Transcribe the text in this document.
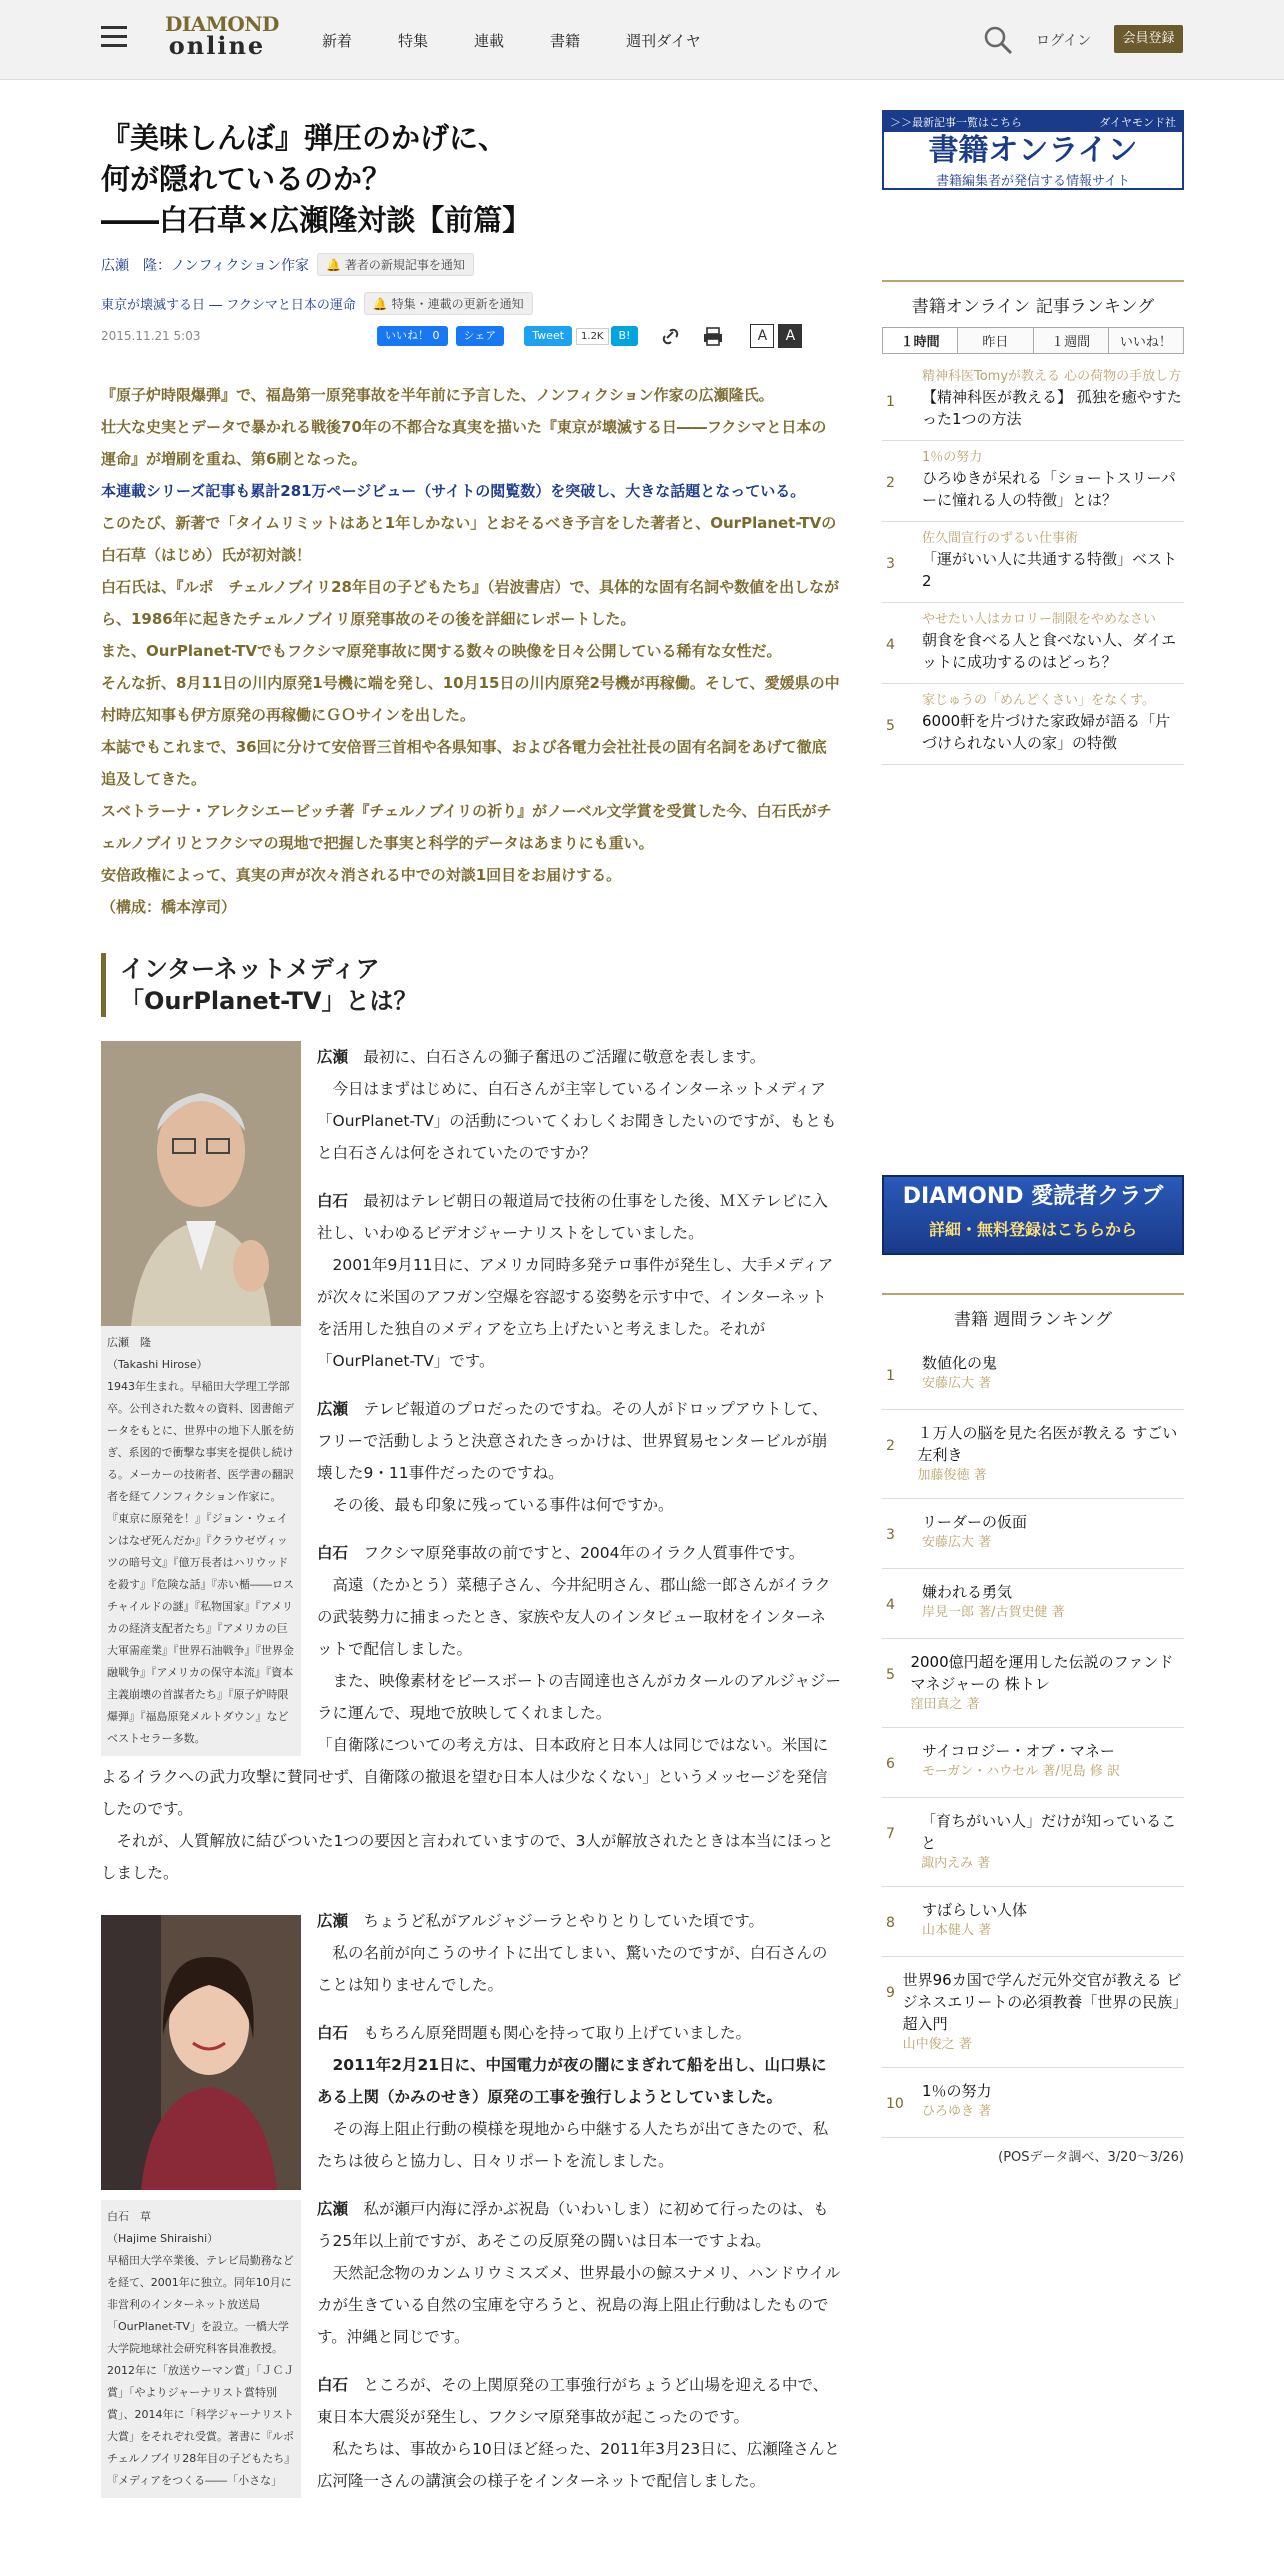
DIAMOND
online	新着	特集	連載	書籍	週刊ダイヤ	ログイン	会員登録
『美味しんぼ』弾圧のかげに、
何が隠れているのか？
――白石草×広瀬隆対談【前篇】
広瀬　隆：ノンフィクション作家	🔔 著者の新規記事を通知
東京が壊滅する日 ― フクシマと日本の運命	🔔 特集・連載の更新を通知
2015.11.21 5:03	いいね！ 0	シェア	Tweet	1.2K	B!	A	A

『原子炉時限爆弾』で、福島第一原発事故を半年前に予言した、ノンフィクション作家の広瀬隆氏。

壮大な史実とデータで暴かれる戦後70年の不都合な真実を描いた『東京が壊滅する日――フクシマと日本の運命』が増刷を重ね、第6刷となった。

本連載シリーズ記事も累計281万ページビュー（サイトの閲覧数）を突破し、大きな話題となっている。

このたび、新著で「タイムリミットはあと1年しかない」とおそるべき予言をした著者と、OurPlanet-TVの白石草（はじめ）氏が初対談！

白石氏は、『ルポ　チェルノブイリ28年目の子どもたち』（岩波書店）で、具体的な固有名詞や数値を出しながら、1986年に起きたチェルノブイリ原発事故のその後を詳細にレポートした。

また、OurPlanet-TVでもフクシマ原発事故に関する数々の映像を日々公開している稀有な女性だ。

そんな折、8月11日の川内原発1号機に端を発し、10月15日の川内原発2号機が再稼働。そして、愛媛県の中村時広知事も伊方原発の再稼働にＧＯサインを出した。

本誌でもこれまで、36回に分けて安倍晋三首相や各県知事、および各電力会社社長の固有名詞をあげて徹底追及してきた。

スベトラーナ・アレクシエービッチ著『チェルノブイリの祈り』がノーベル文学賞を受賞した今、白石氏がチェルノブイリとフクシマの現地で把握した事実と科学的データはあまりにも重い。

安倍政権によって、真実の声が次々消される中での対談1回目をお届けする。

（構成：橋本淳司）

インターネットメディア
「OurPlanet-TV」とは？
広瀬　隆
（Takashi Hirose）
1943年生まれ。早稲田大学理工学部卒。公刊された数々の資料、図書館データをもとに、世界中の地下人脈を紡ぎ、系図的で衝撃な事実を提供し続ける。メーカーの技術者、医学書の翻訳者を経てノンフィクション作家に。『東京に原発を！』『ジョン・ウェインはなぜ死んだか』『クラウゼヴィッツの暗号文』『億万長者はハリウッドを殺す』『危険な話』『赤い楯――ロスチャイルドの謎』『私物国家』『アメリカの経済支配者たち』『アメリカの巨大軍需産業』『世界石油戦争』『世界金融戦争』『アメリカの保守本流』『資本主義崩壊の首謀者たち』『原子炉時限爆弾』『福島原発メルトダウン』などベストセラー多数。

広瀬　 最初に、白石さんの獅子奮迅のご活躍に敬意を表します。
　今日はまずはじめに、白石さんが主宰しているインターネットメディア「OurPlanet-TV」の活動についてくわしくお聞きしたいのですが、もともと白石さんは何をされていたのですか？

白石　 最初はテレビ朝日の報道局で技術の仕事をした後、ＭＸテレビに入社し、いわゆるビデオジャーナリストをしていました。
　2001年9月11日に、アメリカ同時多発テロ事件が発生し、大手メディアが次々に米国のアフガン空爆を容認する姿勢を示す中で、インターネットを活用した独自のメディアを立ち上げたいと考えました。それが「OurPlanet-TV」です。

広瀬　 テレビ報道のプロだったのですね。その人がドロップアウトして、フリーで活動しようと決意されたきっかけは、世界貿易センタービルが崩壊した9・11事件だったのですね。
　その後、最も印象に残っている事件は何ですか。

白石　 フクシマ原発事故の前ですと、2004年のイラク人質事件です。
　高遠（たかとう）菜穂子さん、今井紀明さん、郡山総一郎さんがイラクの武装勢力に捕まったとき、家族や友人のインタビュー取材をインターネットで配信しました。
　また、映像素材をピースボートの吉岡達也さんがカタールのアルジャジーラに運んで、現地で放映してくれました。
「自衛隊についての考え方は、日本政府と日本人は同じではない。米国によるイラクへの武力攻撃に賛同せず、自衛隊の撤退を望む日本人は少なくない」というメッセージを発信したのです。
　それが、人質解放に結びついた1つの要因と言われていますので、3人が解放されたときは本当にほっとしました。

白石　草
（Hajime Shiraishi）
早稲田大学卒業後、テレビ局勤務などを経て、2001年に独立。同年10月に非営利のインターネット放送局「OurPlanet-TV」を設立。一橋大学大学院地球社会研究科客員准教授。2012年に「放送ウーマン賞」「ＪＣＪ賞」「やよりジャーナリスト賞特別賞」、2014年に「科学ジャーナリスト大賞」をそれぞれ受賞。著書に『ルポ チェルノブイリ28年目の子どもたち』『メディアをつくる――「小さな」

広瀬　 ちょうど私がアルジャジーラとやりとりしていた頃です。
　私の名前が向こうのサイトに出てしまい、驚いたのですが、白石さんのことは知りませんでした。

白石　 もちろん原発問題も関心を持って取り上げていました。
　2011年2月21日に、中国電力が夜の闇にまぎれて船を出し、山口県にある上関（かみのせき）原発の工事を強行しようとしていました。
　その海上阻止行動の模様を現地から中継する人たちが出てきたので、私たちは彼らと協力し、日々リポートを流しました。

広瀬　 私が瀬戸内海に浮かぶ祝島（いわいしま）に初めて行ったのは、もう25年以上前ですが、あそこの反原発の闘いは日本一ですよね。
　天然記念物のカンムリウミスズメ、世界最小の鯨スナメリ、ハンドウイルカが生きている自然の宝庫を守ろうと、祝島の海上阻止行動はしたものです。沖縄と同じです。

白石　 ところが、その上関原発の工事強行がちょうど山場を迎える中で、東日本大震災が発生し、フクシマ原発事故が起こったのです。
　私たちは、事故から10日ほど経った、2011年3月23日に、広瀬隆さんと広河隆一さんの講演会の様子をインターネットで配信しました。

＞＞最新記事一覧はこちら	ダイヤモンド社
書籍オンライン
書籍編集者が発信する情報サイト
書籍オンライン 記事ランキング
１時間	昨日	１週間	いいね！
1
精神科医Tomyが教える 心の荷物の手放し方
【精神科医が教える】 孤独を癒やすたった1つの方法
2
1％の努力
ひろゆきが呆れる「ショートスリーパーに憧れる人の特徴」とは？
3
佐久間宣行のずるい仕事術
「運がいい人に共通する特徴」ベスト2
4
やせたい人はカロリー制限をやめなさい
朝食を食べる人と食べない人、ダイエットに成功するのはどっち？
5
家じゅうの「めんどくさい」をなくす。
6000軒を片づけた家政婦が語る「片づけられない人の家」の特徴
DIAMOND 愛読者クラブ
詳細・無料登録はこちらから
書籍 週間ランキング
1
数値化の鬼
安藤広大 著
2
１万人の脳を見た名医が教える すごい左利き
加藤俊徳 著
3
リーダーの仮面
安藤広大 著
4
嫌われる勇気
岸見一郎 著/古賀史健 著
5
2000億円超を運用した伝説のファンドマネジャーの 株トレ
窪田真之 著
6
サイコロジー・オブ・マネー
モーガン・ハウセル 著/児島 修 訳
7
「育ちがいい人」だけが知っていること
諏内えみ 著
8
すばらしい人体
山本健人 著
9
世界96カ国で学んだ元外交官が教える ビジネスエリートの必須教養「世界の民族」超入門
山中俊之 著
10
1％の努力
ひろゆき 著
(POSデータ調べ、3/20～3/26)
